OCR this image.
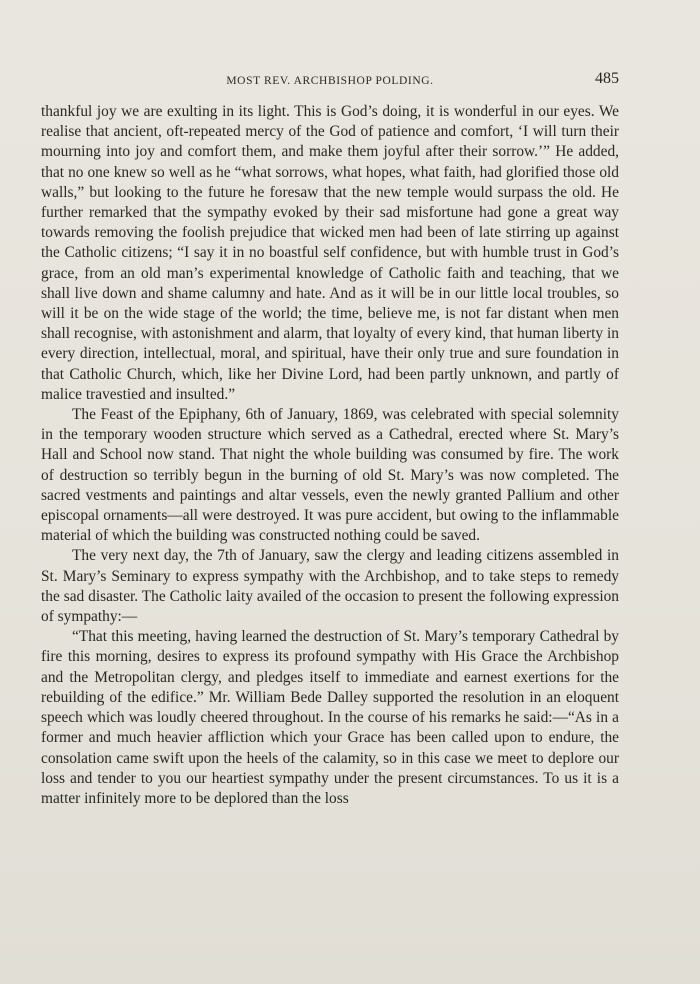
MOST REV. ARCHBISHOP POLDING.	485

thankful joy we are exulting in its light. This is God’s doing, it is wonderful in our eyes. We realise that ancient, oft-repeated mercy of the God of patience and comfort, ‘I will turn their mourning into joy and comfort them, and make them joyful after their sorrow.’” He added, that no one knew so well as he “what sorrows, what hopes, what faith, had glorified those old walls,” but looking to the future he foresaw that the new temple would surpass the old. He further remarked that the sympathy evoked by their sad misfortune had gone a great way towards removing the foolish prejudice that wicked men had been of late stirring up against the Catholic citizens; “I say it in no boastful self confidence, but with humble trust in God’s grace, from an old man’s experimental knowledge of Catholic faith and teaching, that we shall live down and shame calumny and hate. And as it will be in our little local troubles, so will it be on the wide stage of the world; the time, believe me, is not far distant when men shall recognise, with astonishment and alarm, that loyalty of every kind, that human liberty in every direction, intellectual, moral, and spiritual, have their only true and sure foundation in that Catholic Church, which, like her Divine Lord, had been partly unknown, and partly of malice travestied and insulted.”

The Feast of the Epiphany, 6th of January, 1869, was celebrated with special solemnity in the temporary wooden structure which served as a Cathedral, erected where St. Mary’s Hall and School now stand. That night the whole building was consumed by fire. The work of destruction so terribly begun in the burning of old St. Mary’s was now completed. The sacred vestments and paintings and altar vessels, even the newly granted Pallium and other episcopal ornaments—all were destroyed. It was pure accident, but owing to the inflammable material of which the building was constructed nothing could be saved.

The very next day, the 7th of January, saw the clergy and leading citizens assembled in St. Mary’s Seminary to express sympathy with the Archbishop, and to take steps to remedy the sad disaster. The Catholic laity availed of the occasion to present the following expression of sympathy:—

“That this meeting, having learned the destruction of St. Mary’s temporary Cathedral by fire this morning, desires to express its profound sympathy with His Grace the Archbishop and the Metropolitan clergy, and pledges itself to immediate and earnest exertions for the rebuilding of the edifice.” Mr. William Bede Dalley supported the resolution in an eloquent speech which was loudly cheered throughout. In the course of his remarks he said:—“As in a former and much heavier affliction which your Grace has been called upon to endure, the consolation came swift upon the heels of the calamity, so in this case we meet to deplore our loss and tender to you our heartiest sympathy under the present circumstances. To us it is a matter infinitely more to be deplored than the loss
